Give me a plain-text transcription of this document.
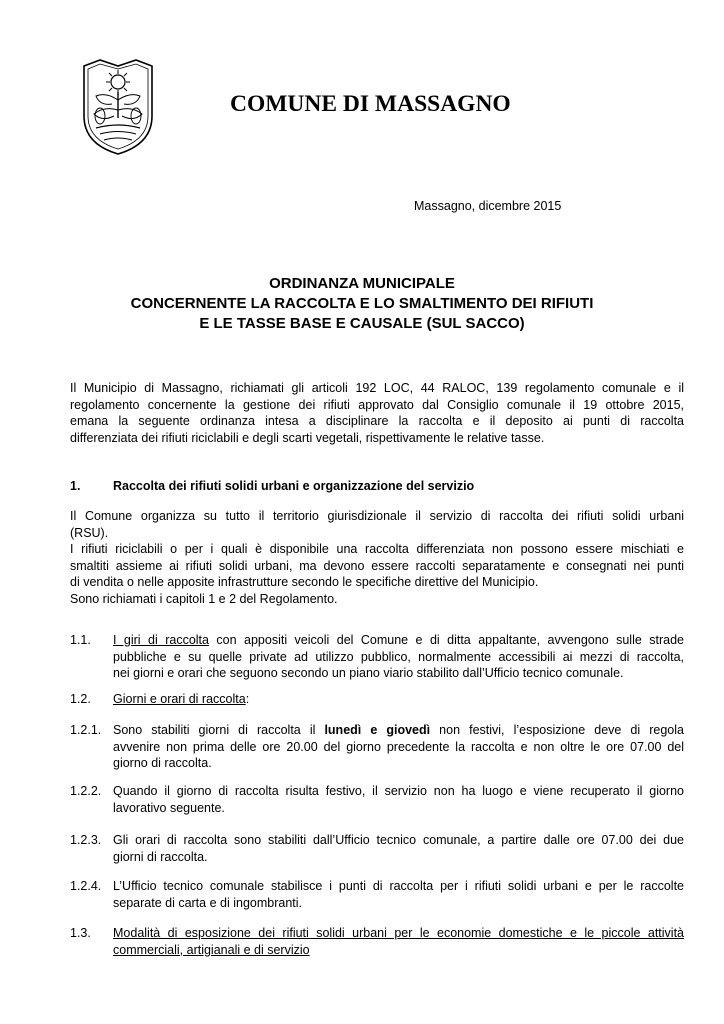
COMUNE DI MASSAGNO
Massagno, dicembre 2015
ORDINANZA MUNICIPALE
CONCERNENTE LA RACCOLTA E LO SMALTIMENTO DEI RIFIUTI
E LE TASSE BASE E CAUSALE (SUL SACCO)
Il Municipio di Massagno, richiamati gli articoli 192 LOC, 44 RALOC, 139 regolamento comunale e il
regolamento concernente la gestione dei rifiuti approvato dal Consiglio comunale il 19 ottobre 2015,
emana la seguente ordinanza intesa a disciplinare la raccolta e il deposito ai punti di raccolta
differenziata dei rifiuti riciclabili e degli scarti vegetali, rispettivamente le relative tasse.
1.	Raccolta dei rifiuti solidi urbani e organizzazione del servizio
Il Comune organizza su tutto il territorio giurisdizionale il servizio di raccolta dei rifiuti solidi urbani
(RSU).
I rifiuti riciclabili o per i quali è disponibile una raccolta differenziata non possono essere mischiati e
smaltiti assieme ai rifiuti solidi urbani, ma devono essere raccolti separatamente e consegnati nei punti
di vendita o nelle apposite infrastrutture secondo le specifiche direttive del Municipio.
Sono richiamati i capitoli 1 e 2 del Regolamento.
1.1. I giri di raccolta con appositi veicoli del Comune e di ditta appaltante, avvengono sulle strade
pubbliche e su quelle private ad utilizzo pubblico, normalmente accessibili ai mezzi di raccolta,
nei giorni e orari che seguono secondo un piano viario stabilito dall’Ufficio tecnico comunale.
1.2. Giorni e orari di raccolta:
1.2.1. Sono stabiliti giorni di raccolta il lunedì e giovedì non festivi, l’esposizione deve di regola
avvenire non prima delle ore 20.00 del giorno precedente la raccolta e non oltre le ore 07.00 del
giorno di raccolta.
1.2.2. Quando il giorno di raccolta risulta festivo, il servizio non ha luogo e viene recuperato il giorno
lavorativo seguente.
1.2.3. Gli orari di raccolta sono stabiliti dall’Ufficio tecnico comunale, a partire dalle ore 07.00 dei due
giorni di raccolta.
1.2.4. L’Ufficio tecnico comunale stabilisce i punti di raccolta per i rifiuti solidi urbani e per le raccolte
separate di carta e di ingombranti.
1.3. Modalità di esposizione dei rifiuti solidi urbani per le economie domestiche e le piccole attività
commerciali, artigianali e di servizio
